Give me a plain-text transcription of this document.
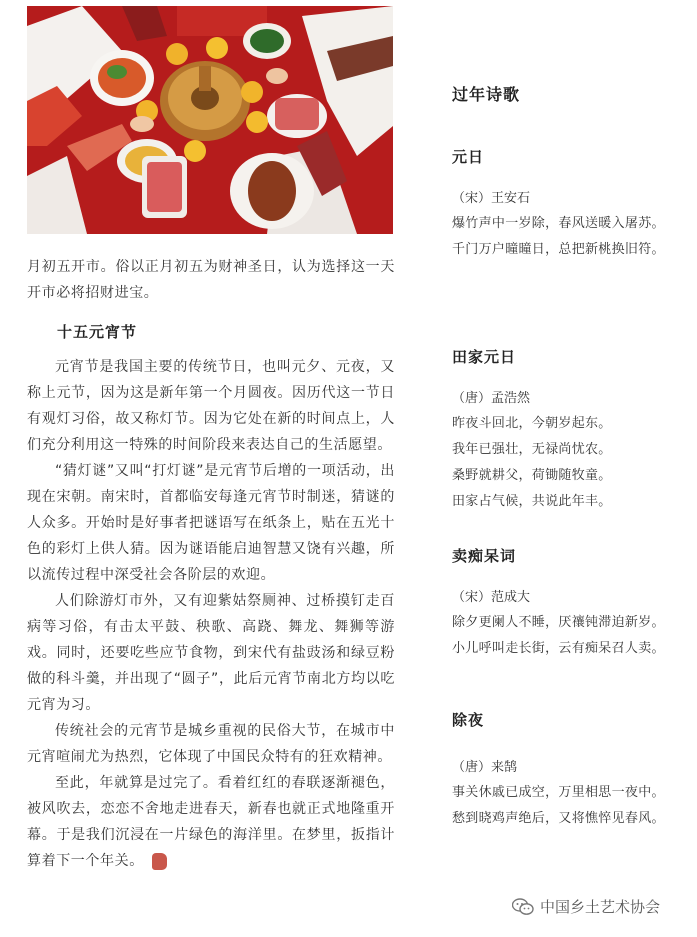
月初五开市。俗以正月初五为财神圣日，认为选择这一天开市必将招财进宝。

十五元宵节

元宵节是我国主要的传统节日，也叫元夕、元夜，又称上元节，因为这是新年第一个月圆夜。因历代这一节日有观灯习俗，故又称灯节。因为它处在新的时间点上，人们充分利用这一特殊的时间阶段来表达自己的生活愿望。

“猜灯谜”又叫“打灯谜”是元宵节后增的一项活动，出现在宋朝。南宋时，首都临安每逢元宵节时制迷，猜谜的人众多。开始时是好事者把谜语写在纸条上，贴在五光十色的彩灯上供人猜。因为谜语能启迪智慧又饶有兴趣，所以流传过程中深受社会各阶层的欢迎。

人们除游灯市外，又有迎紫姑祭厕神、过桥摸钉走百病等习俗，有击太平鼓、秧歌、高跷、舞龙、舞狮等游戏。同时，还要吃些应节食物，到宋代有盐豉汤和绿豆粉做的科斗羹，并出现了“圆子”，此后元宵节南北方均以吃元宵为习。

传统社会的元宵节是城乡重视的民俗大节，在城市中元宵喧闹尤为热烈，它体现了中国民众特有的狂欢精神。

至此，年就算是过完了。看着红红的春联逐渐褪色，被风吹去，恋恋不舍地走进春天，新春也就正式地隆重开幕。于是我们沉浸在一片绿色的海洋里。在梦里，扳指计算着下一个年关。

过年诗歌
元日

（宋）王安石

爆竹声中一岁除，春风送暖入屠苏。

千门万户曈曈日，总把新桃换旧符。

田家元日

（唐）孟浩然

昨夜斗回北，今朝岁起东。

我年已强壮，无禄尚忧农。

桑野就耕父，荷锄随牧童。

田家占气候，共说此年丰。

卖痴呆词

（宋）范成大

除夕更阑人不睡，厌禳钝滞迫新岁。

小儿呼叫走长街，云有痴呆召人卖。

除夜

（唐）来鹄

事关休戚已成空，万里相思一夜中。

愁到晓鸡声绝后，又将憔悴见春风。

中国乡土艺术协会
